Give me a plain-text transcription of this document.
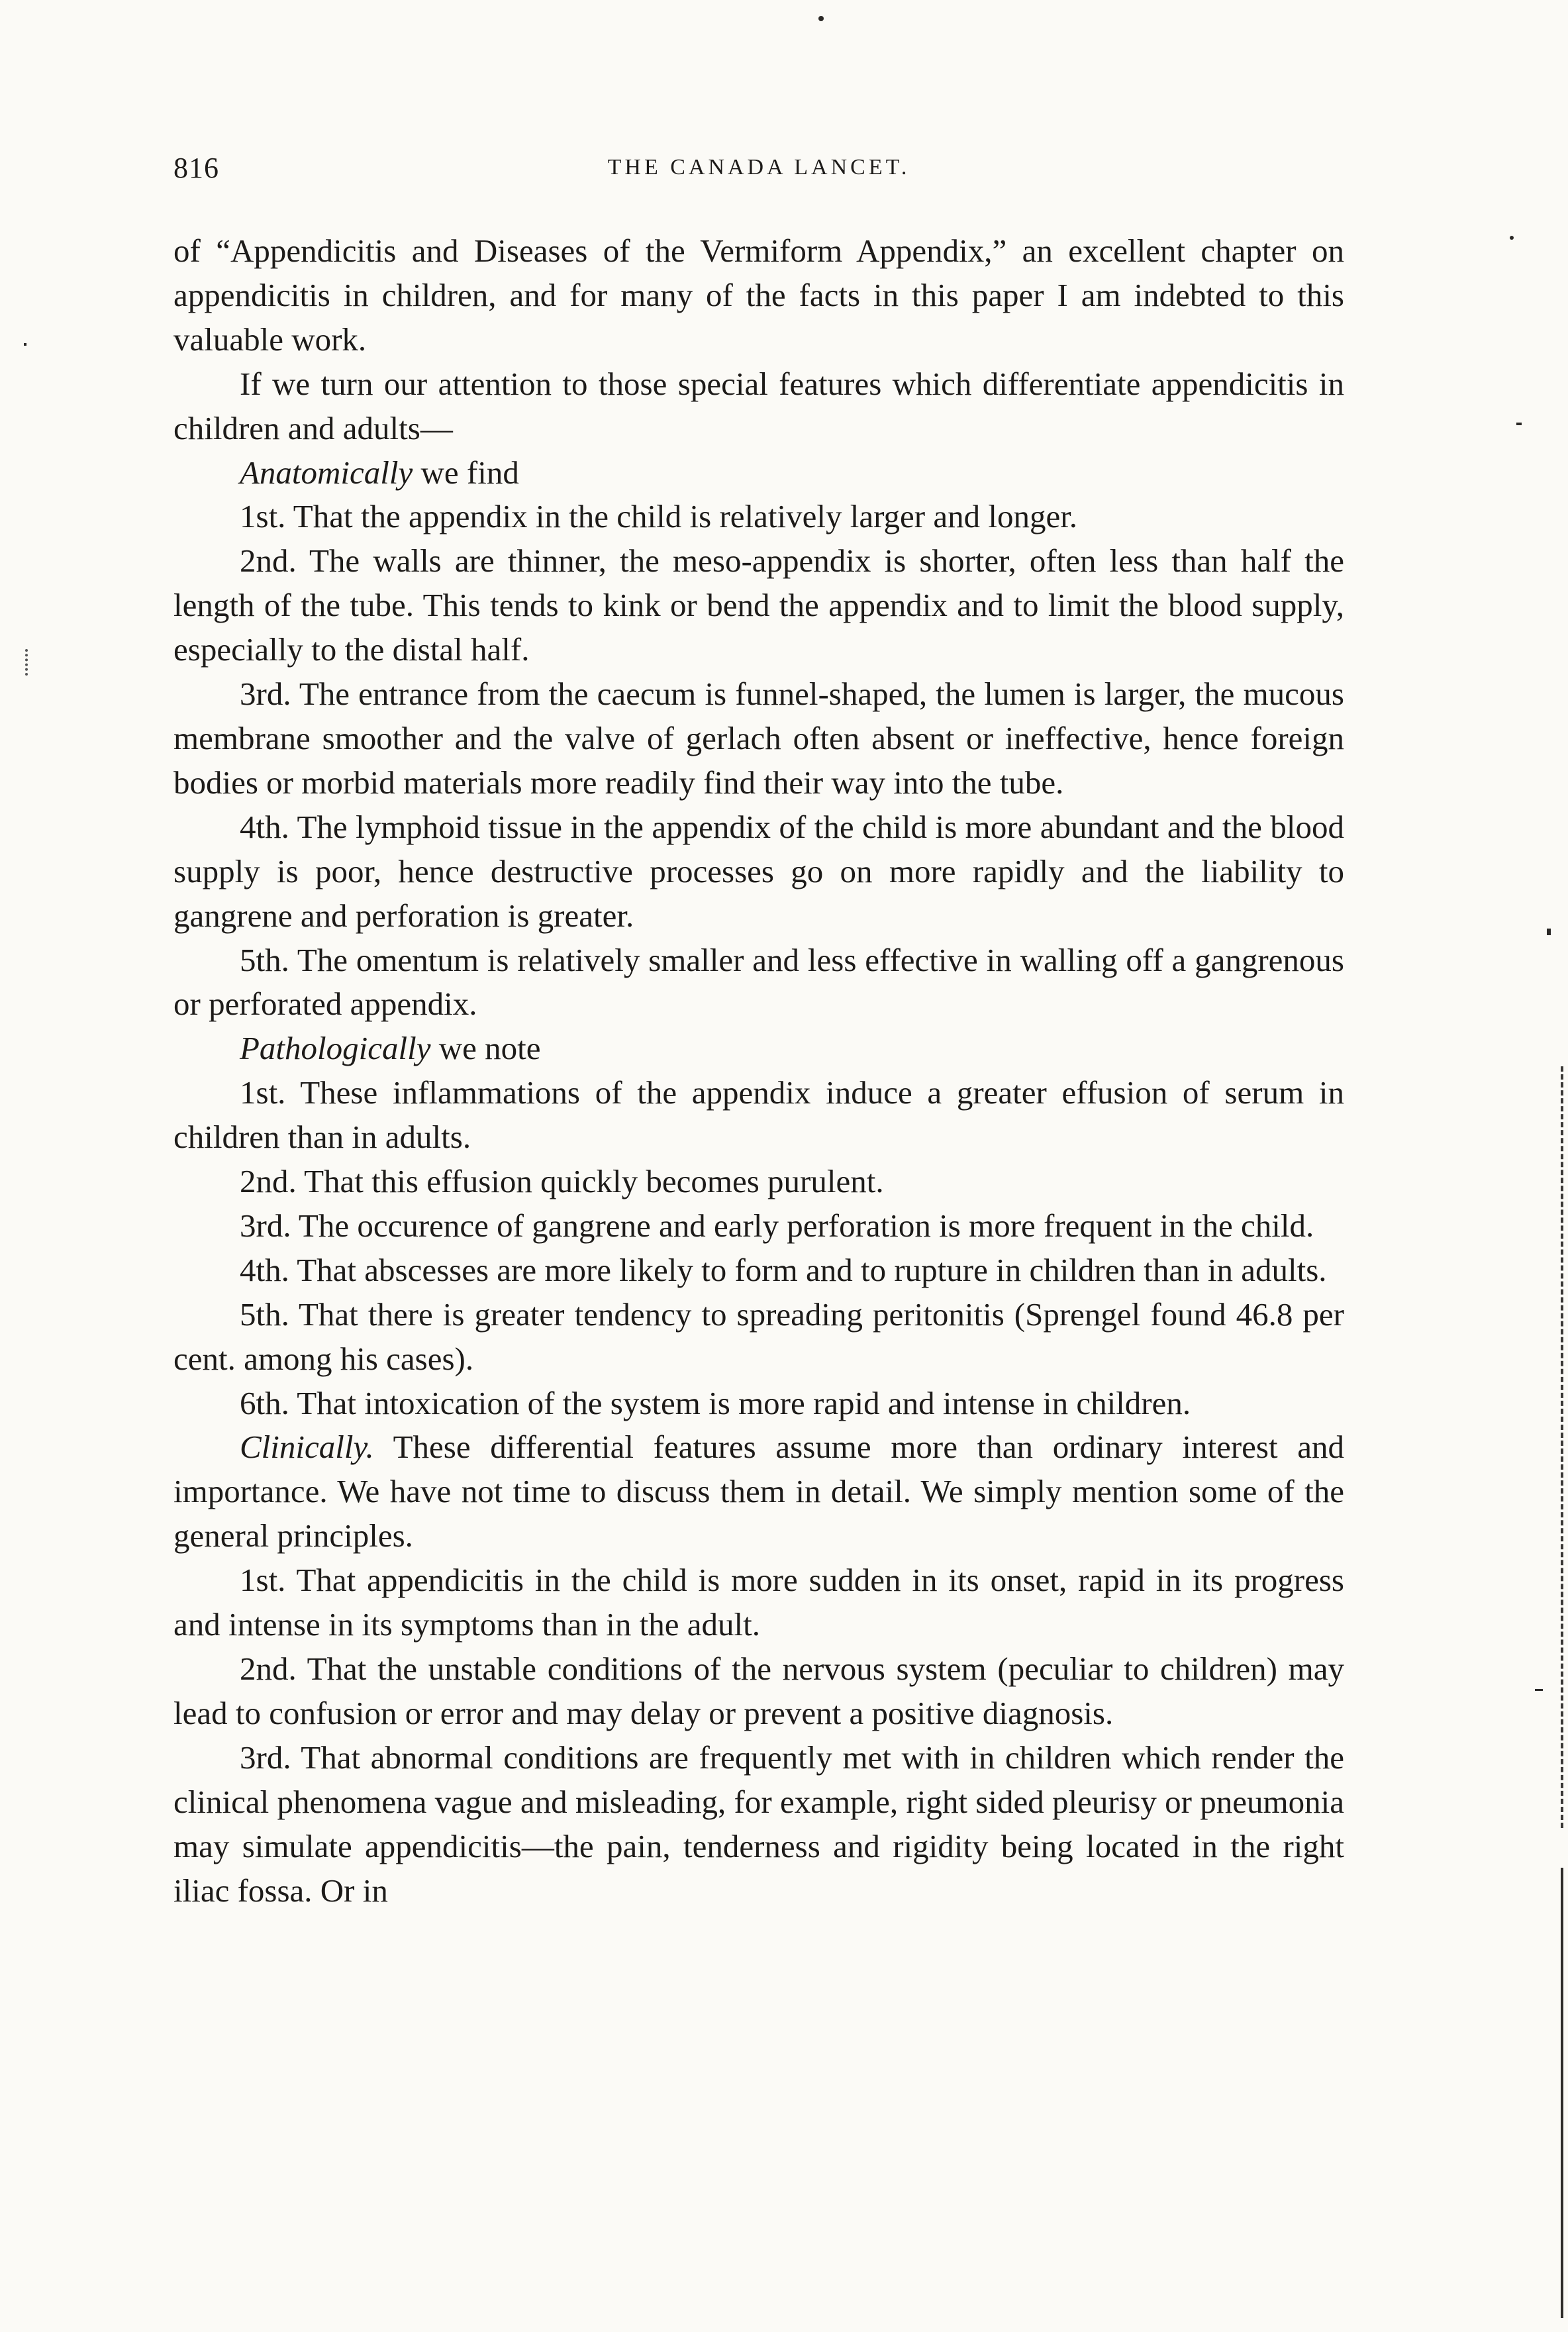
816	THE CANADA LANCET.

of “Appendicitis and Diseases of the Vermiform Appendix,” an excellent chapter on appendicitis in children, and for many of the facts in this paper I am indebted to this valuable work.

If we turn our attention to those special features which differentiate appendicitis in children and adults—

Anatomically we find

1st. That the appendix in the child is relatively larger and longer.

2nd. The walls are thinner, the meso-appendix is shorter, often less than half the length of the tube. This tends to kink or bend the appendix and to limit the blood supply, especially to the distal half.

3rd. The entrance from the caecum is funnel-shaped, the lumen is larger, the mucous membrane smoother and the valve of gerlach often absent or ineffective, hence foreign bodies or morbid materials more readily find their way into the tube.

4th. The lymphoid tissue in the appendix of the child is more abundant and the blood supply is poor, hence destructive processes go on more rapidly and the liability to gangrene and perforation is greater.

5th. The omentum is relatively smaller and less effective in walling off a gangrenous or perforated appendix.

Pathologically we note

1st. These inflammations of the appendix induce a greater effusion of serum in children than in adults.

2nd. That this effusion quickly becomes purulent.

3rd. The occurence of gangrene and early perforation is more frequent in the child.

4th. That abscesses are more likely to form and to rupture in children than in adults.

5th. That there is greater tendency to spreading peritonitis (Sprengel found 46.8 per cent. among his cases).

6th. That intoxication of the system is more rapid and intense in children.

Clinically. These differential features assume more than ordinary interest and importance. We have not time to discuss them in detail. We simply mention some of the general principles.

1st. That appendicitis in the child is more sudden in its onset, rapid in its progress and intense in its symptoms than in the adult.

2nd. That the unstable conditions of the nervous system (peculiar to children) may lead to confusion or error and may delay or prevent a positive diagnosis.

3rd. That abnormal conditions are frequently met with in children which render the clinical phenomena vague and misleading, for example, right sided pleurisy or pneumonia may simulate appendicitis—the pain, tenderness and rigidity being located in the right iliac fossa. Or in
